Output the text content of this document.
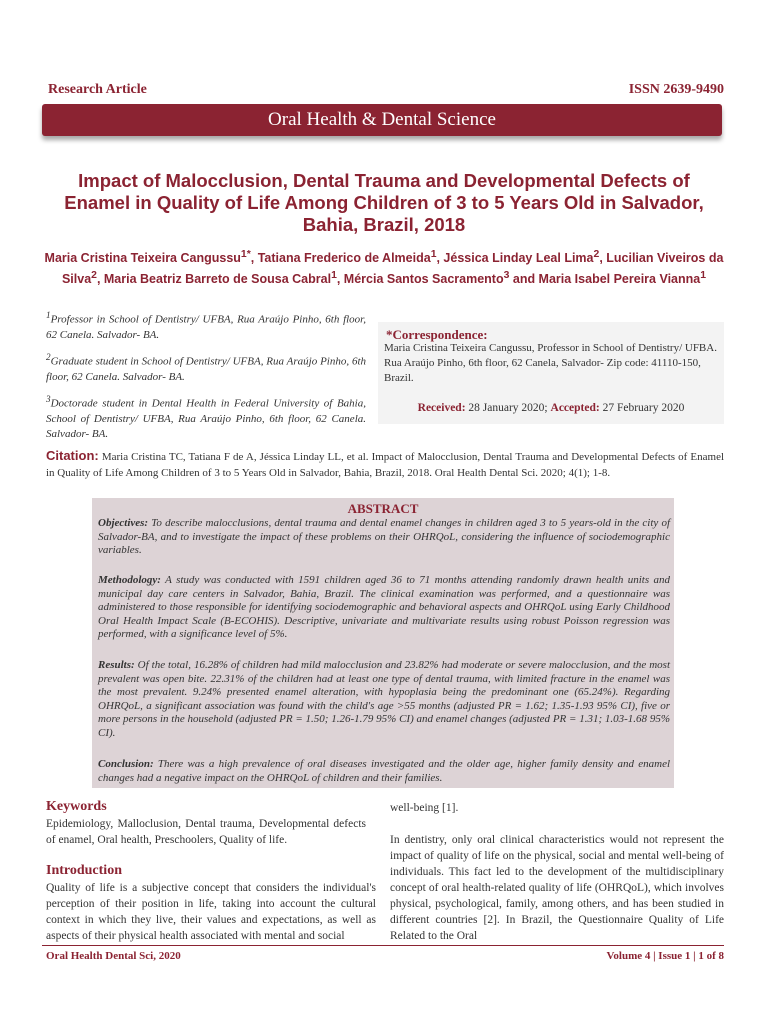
Research Article	ISSN 2639-9490
Oral Health & Dental Science
Impact of Malocclusion, Dental Trauma and Developmental Defects of Enamel in Quality of Life Among Children of 3 to 5 Years Old in Salvador, Bahia, Brazil, 2018
Maria Cristina Teixeira Cangussu$^{1*}$, Tatiana Frederico de Almeida$^1$, Jéssica Linday Leal Lima$^2$, Lucilian Viveiros da Silva$^2$, Maria Beatriz Barreto de Sousa Cabral$^1$, Mércia Santos Sacramento$^3$ and Maria Isabel Pereira Vianna$^1$
$^1$Professor in School of Dentistry/ UFBA, Rua Araújo Pinho, 6th floor, 62 Canela. Salvador- BA.
$^2$Graduate student in School of Dentistry/ UFBA, Rua Araújo Pinho, 6th floor, 62 Canela. Salvador- BA.
$^3$Doctorade student in Dental Health in Federal University of Bahia, School of Dentistry/ UFBA, Rua Araújo Pinho, 6th floor, 62 Canela. Salvador- BA.
*Correspondence:
Maria Cristina Teixeira Cangussu, Professor in School of Dentistry/ UFBA. Rua Araújo Pinho, 6th floor, 62 Canela, Salvador- Zip code: 41110-150, Brazil.
Received: 28 January 2020; Accepted: 27 February 2020
Citation: Maria Cristina TC, Tatiana F de A, Jéssica Linday LL, et al. Impact of Malocclusion, Dental Trauma and Developmental Defects of Enamel in Quality of Life Among Children of 3 to 5 Years Old in Salvador, Bahia, Brazil, 2018. Oral Health Dental Sci. 2020; 4(1); 1-8.
ABSTRACT
Objectives: To describe malocclusions, dental trauma and dental enamel changes in children aged 3 to 5 years-old in the city of Salvador-BA, and to investigate the impact of these problems on their OHRQoL, considering the influence of sociodemographic variables.
Methodology: A study was conducted with 1591 children aged 36 to 71 months attending randomly drawn health units and municipal day care centers in Salvador, Bahia, Brazil. The clinical examination was performed, and a questionnaire was administered to those responsible for identifying sociodemographic and behavioral aspects and OHRQoL using Early Childhood Oral Health Impact Scale (B-ECOHIS). Descriptive, univariate and multivariate results using robust Poisson regression was performed, with a significance level of 5%.
Results: Of the total, 16.28% of children had mild malocclusion and 23.82% had moderate or severe malocclusion, and the most prevalent was open bite. 22.31% of the children had at least one type of dental trauma, with limited fracture in the enamel was the most prevalent. 9.24% presented enamel alteration, with hypoplasia being the predominant one (65.24%). Regarding OHRQoL, a significant association was found with the child's age >55 months (adjusted PR = 1.62; 1.35-1.93 95% CI), five or more persons in the household (adjusted PR = 1.50; 1.26-1.79 95% CI) and enamel changes (adjusted PR = 1.31; 1.03-1.68 95% CI).
Conclusion: There was a high prevalence of oral diseases investigated and the older age, higher family density and enamel changes had a negative impact on the OHRQoL of children and their families.
Keywords
Epidemiology, Malloclusion, Dental trauma, Developmental defects of enamel, Oral health, Preschoolers, Quality of life.
Introduction
Quality of life is a subjective concept that considers the individual's perception of their position in life, taking into account the cultural context in which they live, their values and expectations, as well as aspects of their physical health associated with mental and social
well-being [1].
In dentistry, only oral clinical characteristics would not represent the impact of quality of life on the physical, social and mental well-being of individuals. This fact led to the development of the multidisciplinary concept of oral health-related quality of life (OHRQoL), which involves physical, psychological, family, among others, and has been studied in different countries [2]. In Brazil, the Questionnaire Quality of Life Related to the Oral
Oral Health Dental Sci, 2020	Volume 4 | Issue 1 | 1 of 8
